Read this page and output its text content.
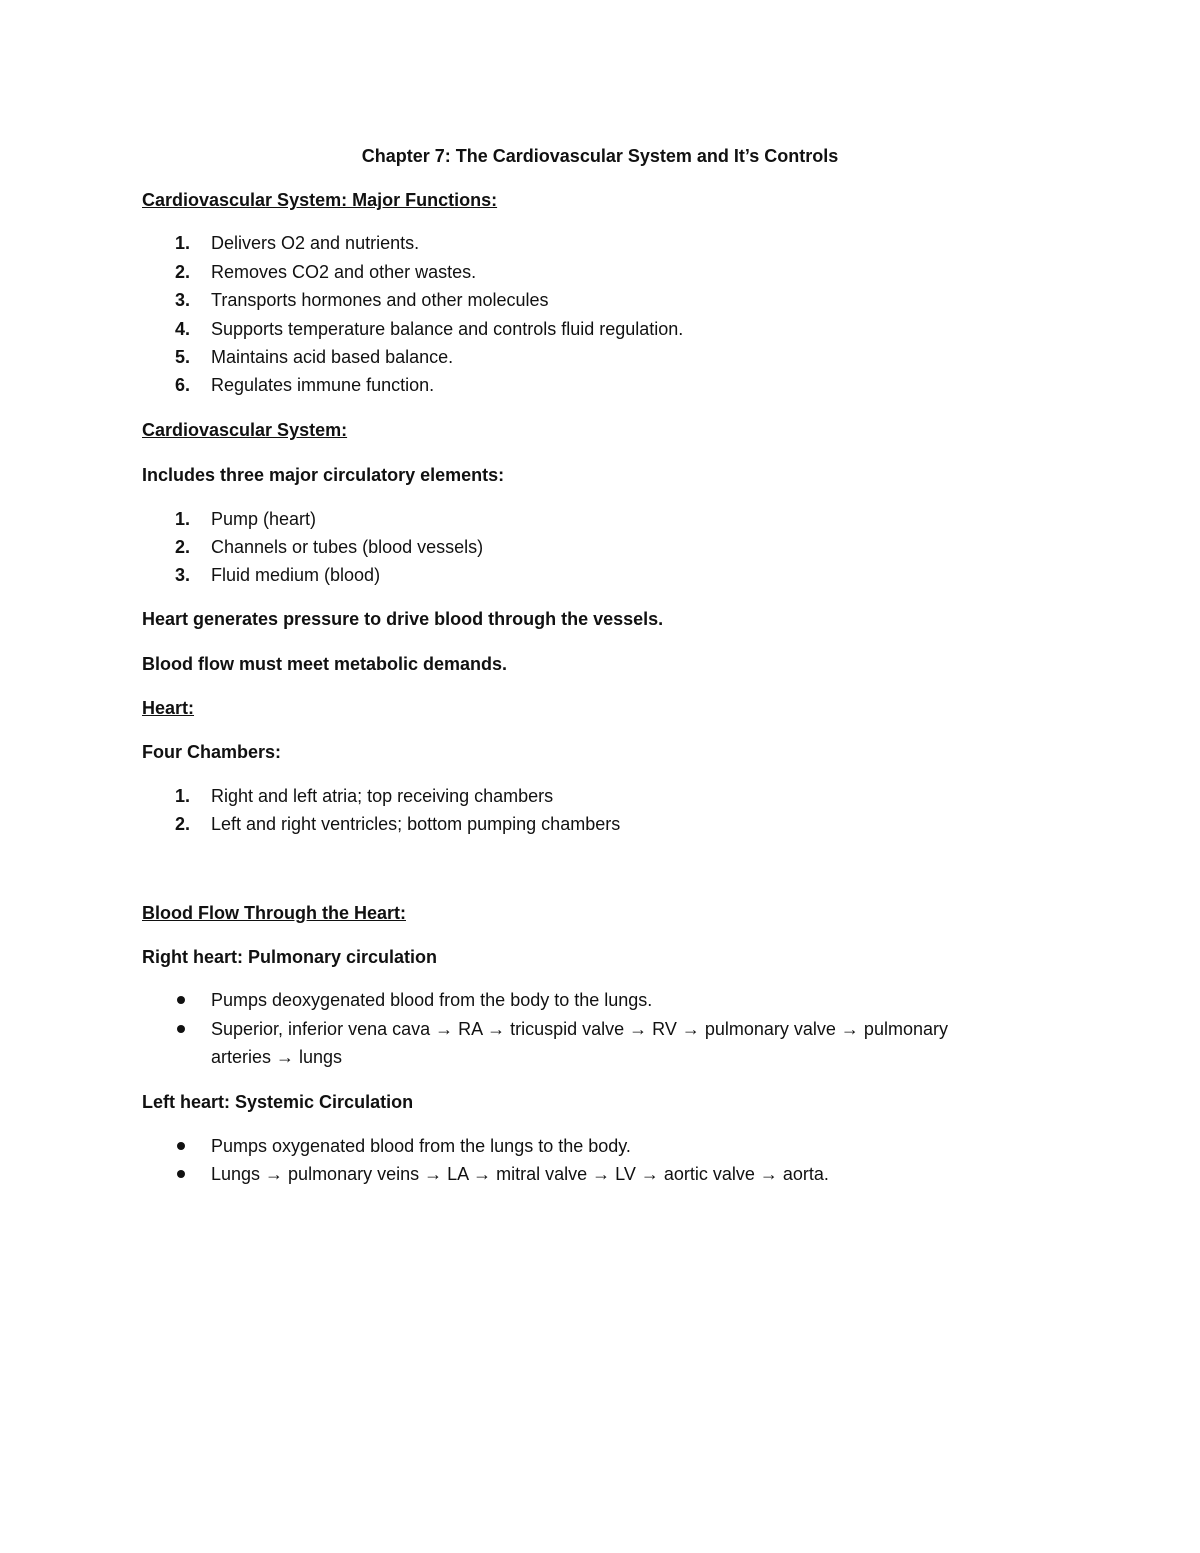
Chapter 7: The Cardiovascular System and It’s Controls
Cardiovascular System: Major Functions:
1. Delivers O2 and nutrients.
2. Removes CO2 and other wastes.
3. Transports hormones and other molecules
4. Supports temperature balance and controls fluid regulation.
5. Maintains acid based balance.
6. Regulates immune function.
Cardiovascular System:
Includes three major circulatory elements:
1. Pump (heart)
2. Channels or tubes (blood vessels)
3. Fluid medium (blood)
Heart generates pressure to drive blood through the vessels.
Blood flow must meet metabolic demands.
Heart:
Four Chambers:
1. Right and left atria; top receiving chambers
2. Left and right ventricles; bottom pumping chambers
Blood Flow Through the Heart:
Right heart: Pulmonary circulation
Pumps deoxygenated blood from the body to the lungs.
Superior, inferior vena cava → RA → tricuspid valve → RV → pulmonary valve → pulmonary
arteries → lungs
Left heart: Systemic Circulation
Pumps oxygenated blood from the lungs to the body.
Lungs → pulmonary veins → LA → mitral valve → LV → aortic valve → aorta.
